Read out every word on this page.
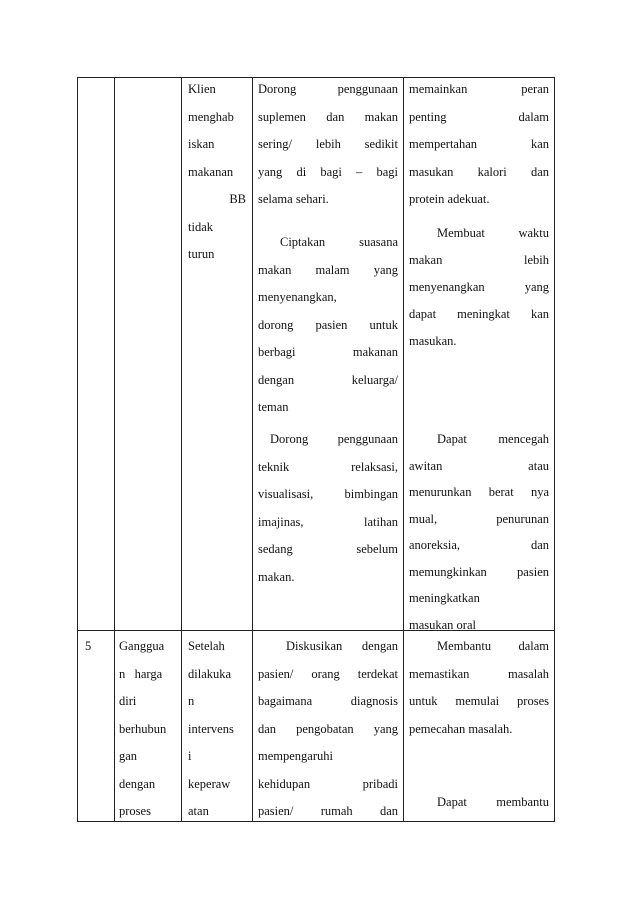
Klien
menghab
iskan
makanan
BB
tidak
turun
Dorong penggunaan
suplemen dan makan
sering/ lebih sedikit
yang di bagi – bagi
selama sehari.
memainkan peran
penting dalam
mempertahan kan
masukan kalori dan
protein adekuat.
Ciptakan suasana
makan malam yang
menyenangkan,
dorong pasien untuk
berbagi makanan
dengan keluarga/
teman
Membuat waktu
makan lebih
menyenangkan yang
dapat meningkat kan
masukan.
Dorong penggunaan
teknik relaksasi,
visualisasi, bimbingan
imajinas, latihan
sedang sebelum
makan.
Dapat mencegah
awitan atau
menurunkan berat nya
mual, penurunan
anoreksia, dan
memungkinkan pasien
meningkatkan
masukan oral
5	Ganggua
n   harga
diri
berhubun
gan
dengan
proses
Setelah
dilakuka
n
intervens
i
keperaw
atan
Diskusikan dengan
pasien/ orang terdekat
bagaimana diagnosis
dan pengobatan yang
mempengaruhi
kehidupan pribadi
pasien/ rumah dan
Membantu dalam
memastikan masalah
untuk memulai proses
pemecahan masalah.
Dapat membantu
